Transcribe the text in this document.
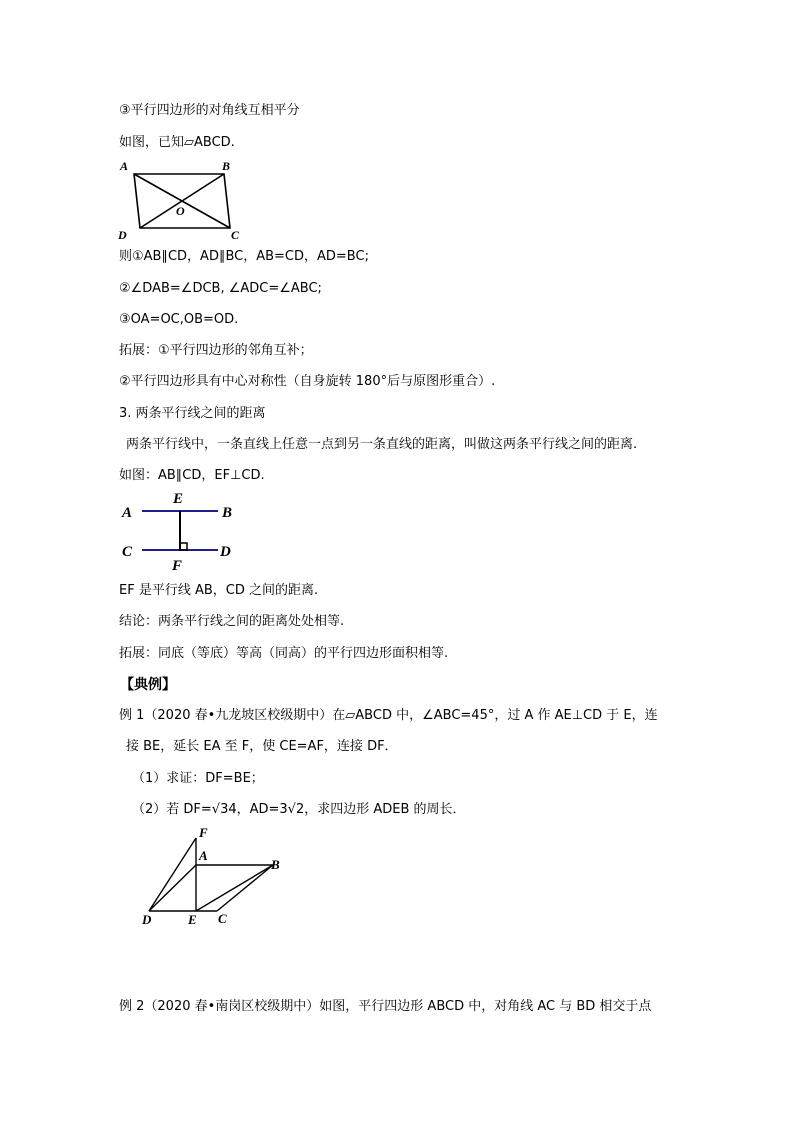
③平行四边形的对角线互相平分
如图，已知▱ABCD.
A	B
C
D
O
则①AB∥CD，AD∥BC，AB=CD，AD=BC;
②∠DAB=∠DCB, ∠ADC=∠ABC;
③OA=OC,OB=OD.
拓展：①平行四边形的邻角互补；
②平行四边形具有中心对称性（自身旋转 180°后与原图形重合）.
3. 两条平行线之间的距离
两条平行线中，一条直线上任意一点到另一条直线的距离，叫做这两条平行线之间的距离.
如图：AB∥CD，EF⊥CD.
A	B
C	D
E
F
EF 是平行线 AB，CD 之间的距离.
结论：两条平行线之间的距离处处相等.
拓展：同底（等底）等高（同高）的平行四边形面积相等.
【典例】
例 1（2020 春•九龙坡区校级期中）在▱ABCD 中，∠ABC=45°，过 A 作 AE⊥CD 于 E，连
接 BE，延长 EA 至 F，使 CE=AF，连接 DF．
（1）求证：DF=BE；
（2）若 DF=√34，AD=3√2，求四边形 ADEB 的周长．
F
A
B
D	E C
例 2（2020 春•南岗区校级期中）如图，平行四边形 ABCD 中，对角线 AC 与 BD 相交于点
